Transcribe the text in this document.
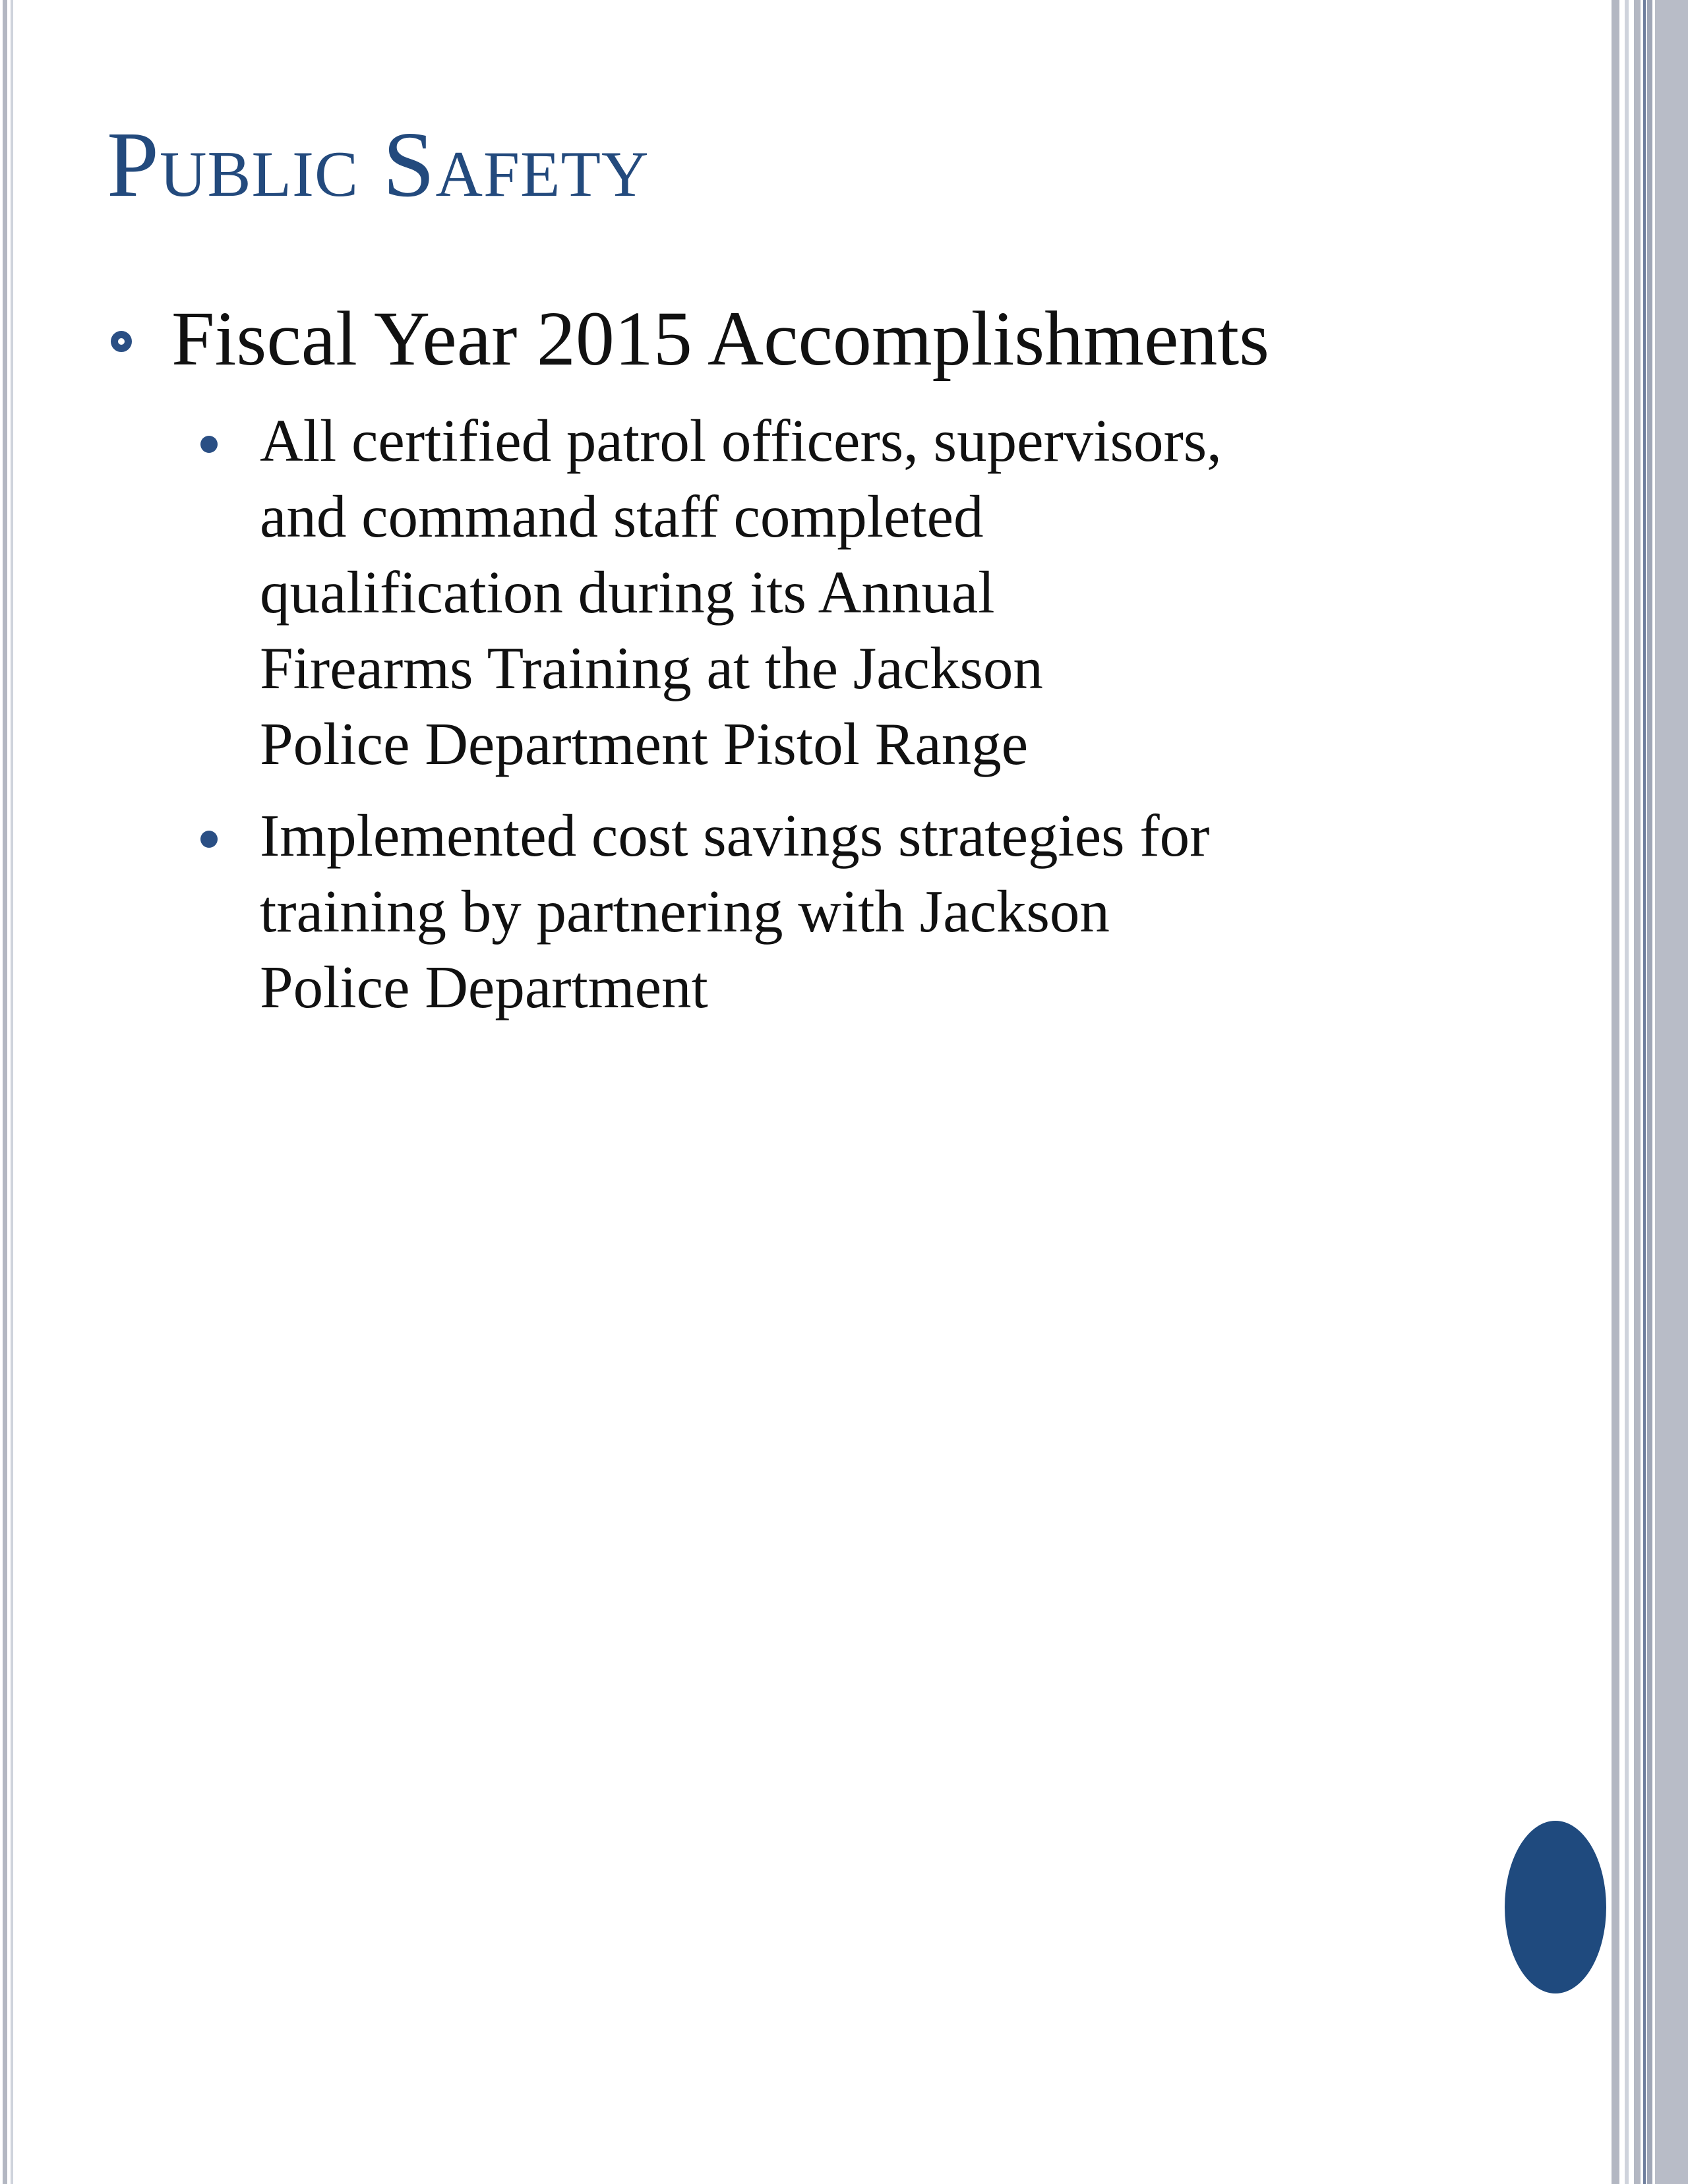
Public Safety
Fiscal Year 2015 Accomplishments
All certified patrol officers, supervisors,
and command staff completed
qualification during its Annual
Firearms Training at the Jackson
Police Department Pistol Range
Implemented cost savings strategies for
training by partnering with Jackson
Police Department
